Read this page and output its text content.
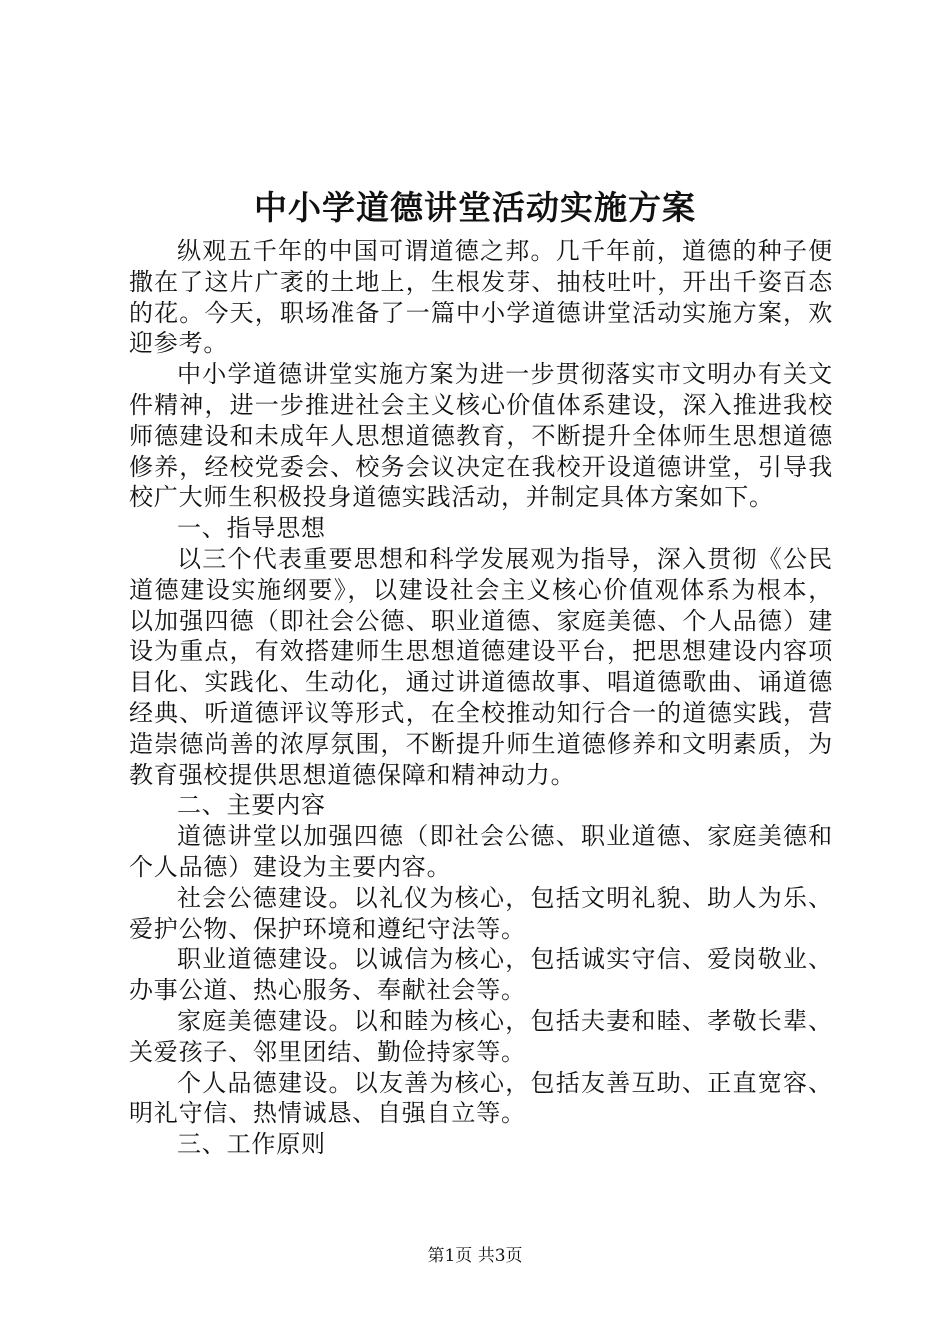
中小学道德讲堂活动实施方案

纵观五千年的中国可谓道德之邦。几千年前，道德的种子便撒在了这片广袤的土地上，生根发芽、抽枝吐叶，开出千姿百态的花。今天，职场准备了一篇中小学道德讲堂活动实施方案，欢迎参考。

中小学道德讲堂实施方案为进一步贯彻落实市文明办有关文件精神，进一步推进社会主义核心价值体系建设，深入推进我校师德建设和未成年人思想道德教育，不断提升全体师生思想道德修养，经校党委会、校务会议决定在我校开设道德讲堂，引导我校广大师生积极投身道德实践活动，并制定具体方案如下。

一、指导思想

以三个代表重要思想和科学发展观为指导，深入贯彻《公民道德建设实施纲要》，以建设社会主义核心价值观体系为根本，以加强四德（即社会公德、职业道德、家庭美德、个人品德）建设为重点，有效搭建师生思想道德建设平台，把思想建设内容项目化、实践化、生动化，通过讲道德故事、唱道德歌曲、诵道德经典、听道德评议等形式，在全校推动知行合一的道德实践，营造崇德尚善的浓厚氛围，不断提升师生道德修养和文明素质，为教育强校提供思想道德保障和精神动力。

二、主要内容

道德讲堂以加强四德（即社会公德、职业道德、家庭美德和个人品德）建设为主要内容。

社会公德建设。以礼仪为核心，包括文明礼貌、助人为乐、爱护公物、保护环境和遵纪守法等。

职业道德建设。以诚信为核心，包括诚实守信、爱岗敬业、办事公道、热心服务、奉献社会等。

家庭美德建设。以和睦为核心，包括夫妻和睦、孝敬长辈、关爱孩子、邻里团结、勤俭持家等。

个人品德建设。以友善为核心，包括友善互助、正直宽容、明礼守信、热情诚恳、自强自立等。

三、工作原则

第1页 共3页
